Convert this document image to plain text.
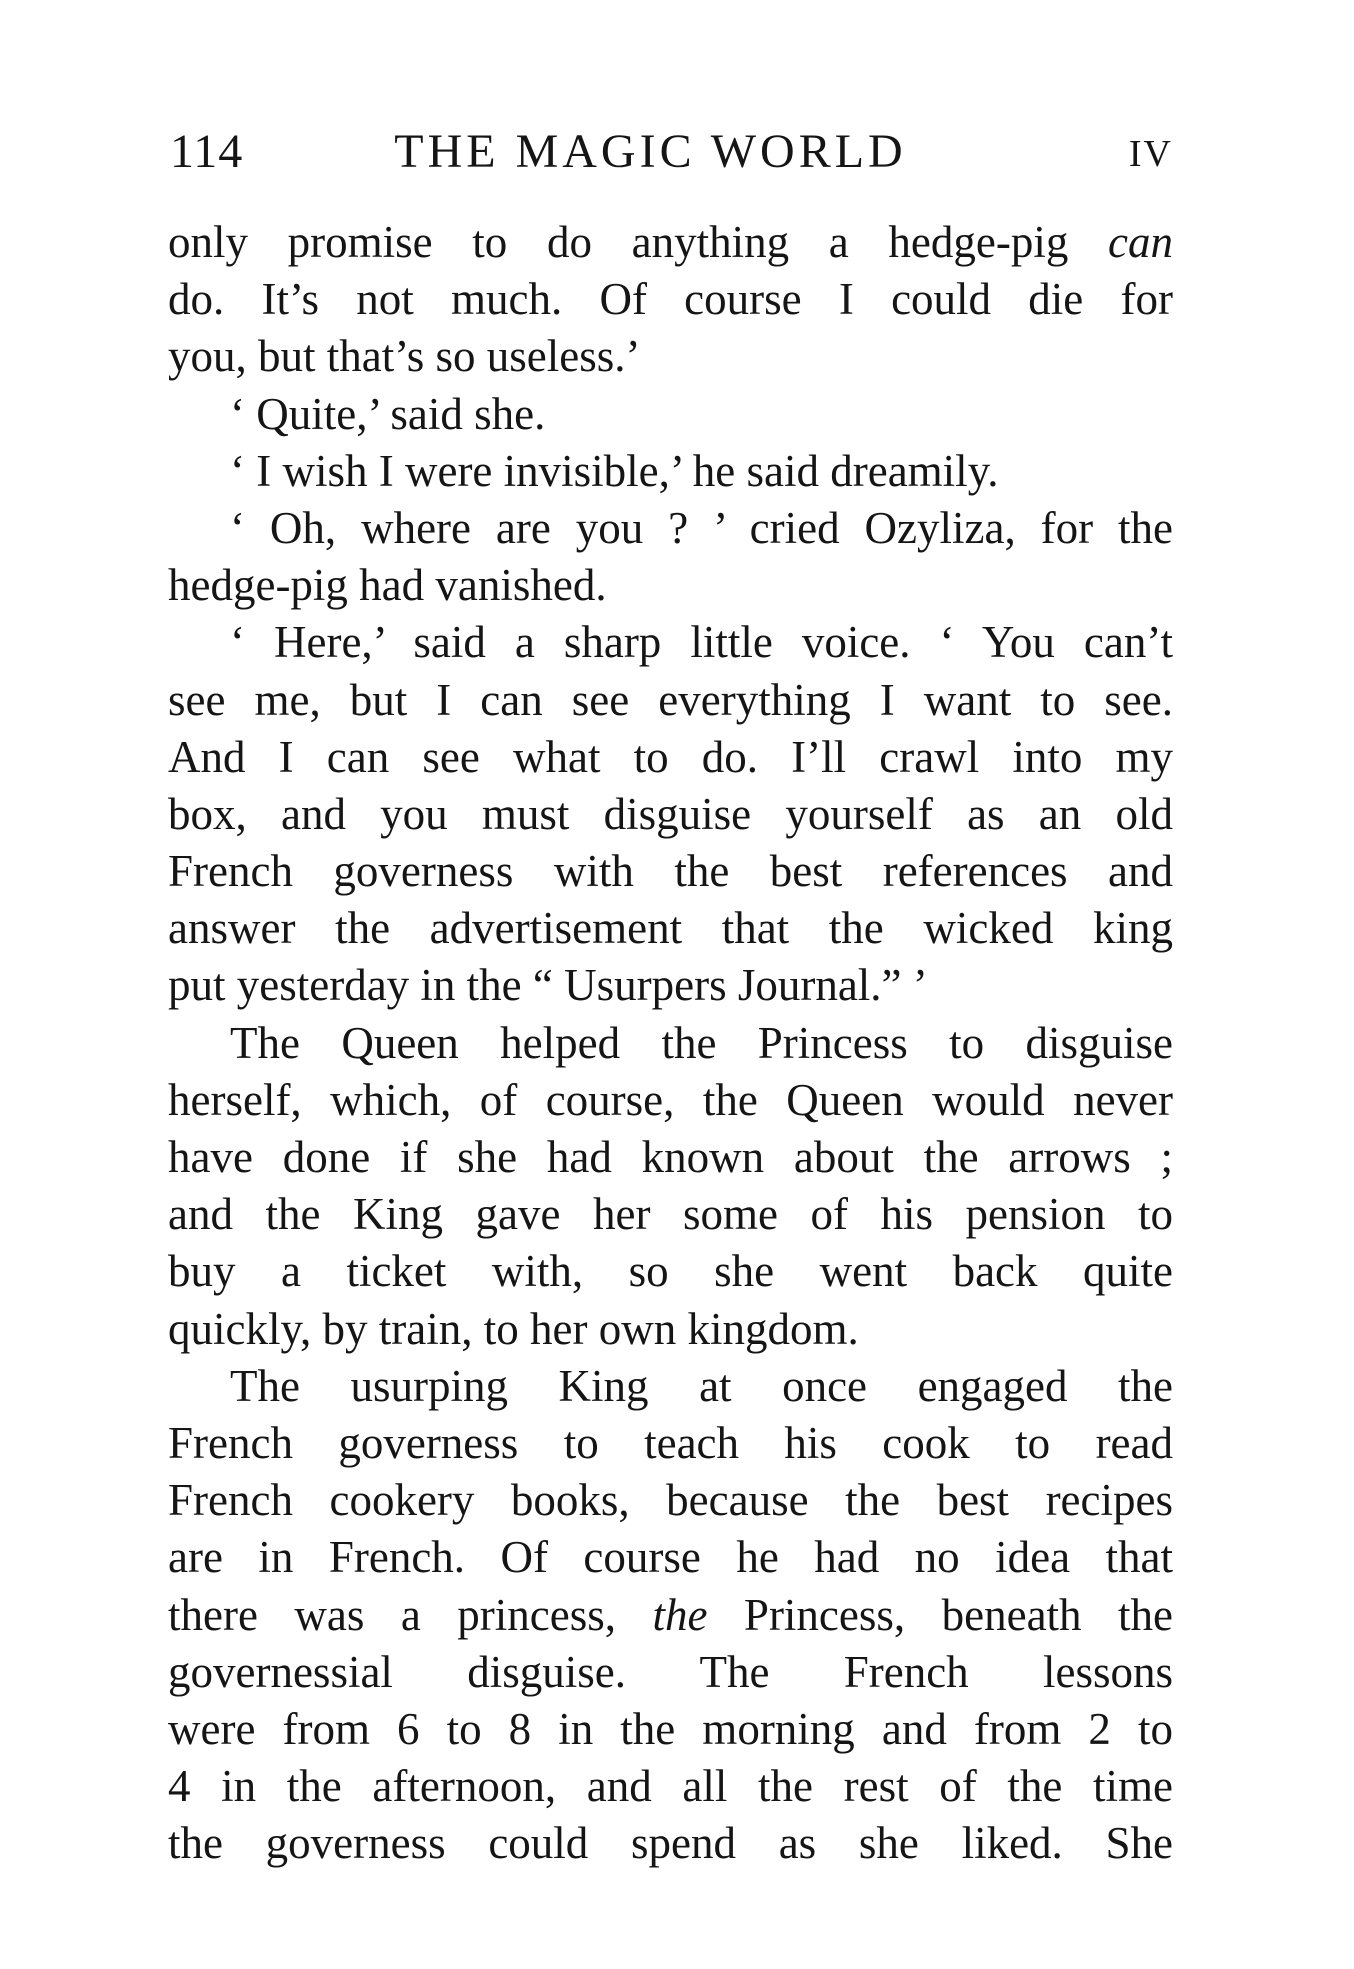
114	THE MAGIC WORLD	IV
only promise to do anything a hedge-pig can
do. It’s not much. Of course I could die for
you, but that’s so useless.’
‘ Quite,’ said she.
‘ I wish I were invisible,’ he said dreamily.
‘ Oh, where are you ? ’ cried Ozyliza, for the
hedge-pig had vanished.
‘ Here,’ said a sharp little voice. ‘ You can’t
see me, but I can see everything I want to see.
And I can see what to do. I’ll crawl into my
box, and you must disguise yourself as an old
French governess with the best references and
answer the advertisement that the wicked king
put yesterday in the “ Usurpers Journal.” ’
The Queen helped the Princess to disguise
herself, which, of course, the Queen would never
have done if she had known about the arrows ;
and the King gave her some of his pension to
buy a ticket with, so she went back quite
quickly, by train, to her own kingdom.
The usurping King at once engaged the
French governess to teach his cook to read
French cookery books, because the best recipes
are in French. Of course he had no idea that
there was a princess, the Princess, beneath the
governessial disguise. The French lessons
were from 6 to 8 in the morning and from 2 to
4 in the afternoon, and all the rest of the time
the governess could spend as she liked. She
